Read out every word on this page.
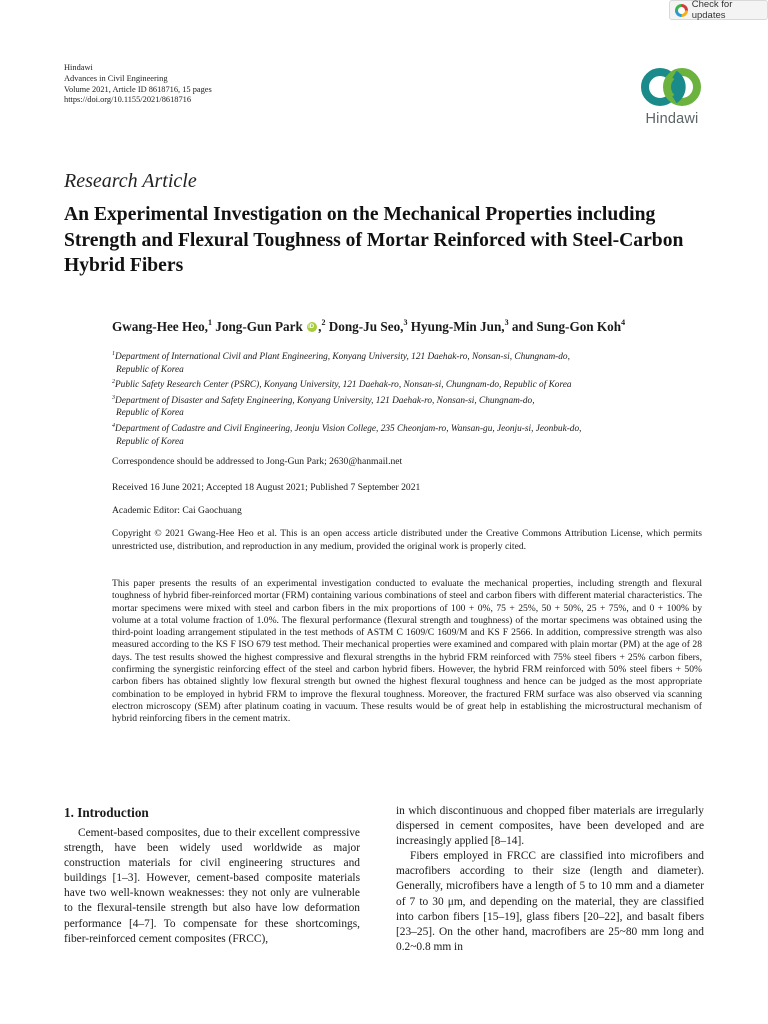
Check for updates
Hindawi
Advances in Civil Engineering
Volume 2021, Article ID 8618716, 15 pages
https://doi.org/10.1155/2021/8618716
Hindawi
Research Article
An Experimental Investigation on the Mechanical Properties including Strength and Flexural Toughness of Mortar Reinforced with Steel-Carbon Hybrid Fibers
Gwang-Hee Heo,$^1$ Jong-Gun Park iD ,$^2$ Dong-Ju Seo,$^3$ Hyung-Min Jun,$^3$ and Sung-Gon Koh$^4$

$^1$Department of International Civil and Plant Engineering, Konyang University, 121 Daehak-ro, Nonsan-si, Chungnam-do,
Republic of Korea

$^2$Public Safety Research Center (PSRC), Konyang University, 121 Daehak-ro, Nonsan-si, Chungnam-do, Republic of Korea

$^3$Department of Disaster and Safety Engineering, Konyang University, 121 Daehak-ro, Nonsan-si, Chungnam-do,
Republic of Korea

$^4$Department of Cadastre and Civil Engineering, Jeonju Vision College, 235 Cheonjam-ro, Wansan-gu, Jeonju-si, Jeonbuk-do,
Republic of Korea

Correspondence should be addressed to Jong-Gun Park; 2630@hanmail.net
Received 16 June 2021; Accepted 18 August 2021; Published 7 September 2021
Academic Editor: Cai Gaochuang
Copyright © 2021 Gwang-Hee Heo et al. This is an open access article distributed under the Creative Commons Attribution License, which permits unrestricted use, distribution, and reproduction in any medium, provided the original work is properly cited.
This paper presents the results of an experimental investigation conducted to evaluate the mechanical properties, including strength and flexural toughness of hybrid fiber-reinforced mortar (FRM) containing various combinations of steel and carbon fibers with different material characteristics. The mortar specimens were mixed with steel and carbon fibers in the mix proportions of 100 + 0%, 75 + 25%, 50 + 50%, 25 + 75%, and 0 + 100% by volume at a total volume fraction of 1.0%. The flexural performance (flexural strength and toughness) of the mortar specimens was obtained using the third-point loading arrangement stipulated in the test methods of ASTM C 1609/C 1609/M and KS F 2566. In addition, compressive strength was also measured according to the KS F ISO 679 test method. Their mechanical properties were examined and compared with plain mortar (PM) at the age of 28 days. The test results showed the highest compressive and flexural strengths in the hybrid FRM reinforced with 75% steel fibers + 25% carbon fibers, confirming the synergistic reinforcing effect of the steel and carbon hybrid fibers. However, the hybrid FRM reinforced with 50% steel fibers + 50% carbon fibers has obtained slightly low flexural strength but owned the highest flexural toughness and hence can be judged as the most appropriate combination to be employed in hybrid FRM to improve the flexural toughness. Moreover, the fractured FRM surface was also observed via scanning electron microscopy (SEM) after platinum coating in vacuum. These results would be of great help in establishing the microstructural mechanism of hybrid reinforcing fibers in the cement matrix.
1. Introduction

Cement-based composites, due to their excellent compressive strength, have been widely used worldwide as major construction materials for civil engineering structures and buildings [1–3]. However, cement-based composite materials have two well-known weaknesses: they not only are vulnerable to the flexural-tensile strength but also have low deformation performance [4–7]. To compensate for these shortcomings, fiber-reinforced cement composites (FRCC),

in which discontinuous and chopped fiber materials are irregularly dispersed in cement composites, have been developed and are increasingly applied [8–14].

Fibers employed in FRCC are classified into microfibers and macrofibers according to their size (length and diameter). Generally, microfibers have a length of 5 to 10 mm and a diameter of 7 to 30 μm, and depending on the material, they are classified into carbon fibers [15–19], glass fibers [20–22], and basalt fibers [23–25]. On the other hand, macrofibers are 25~80 mm long and 0.2~0.8 mm in
